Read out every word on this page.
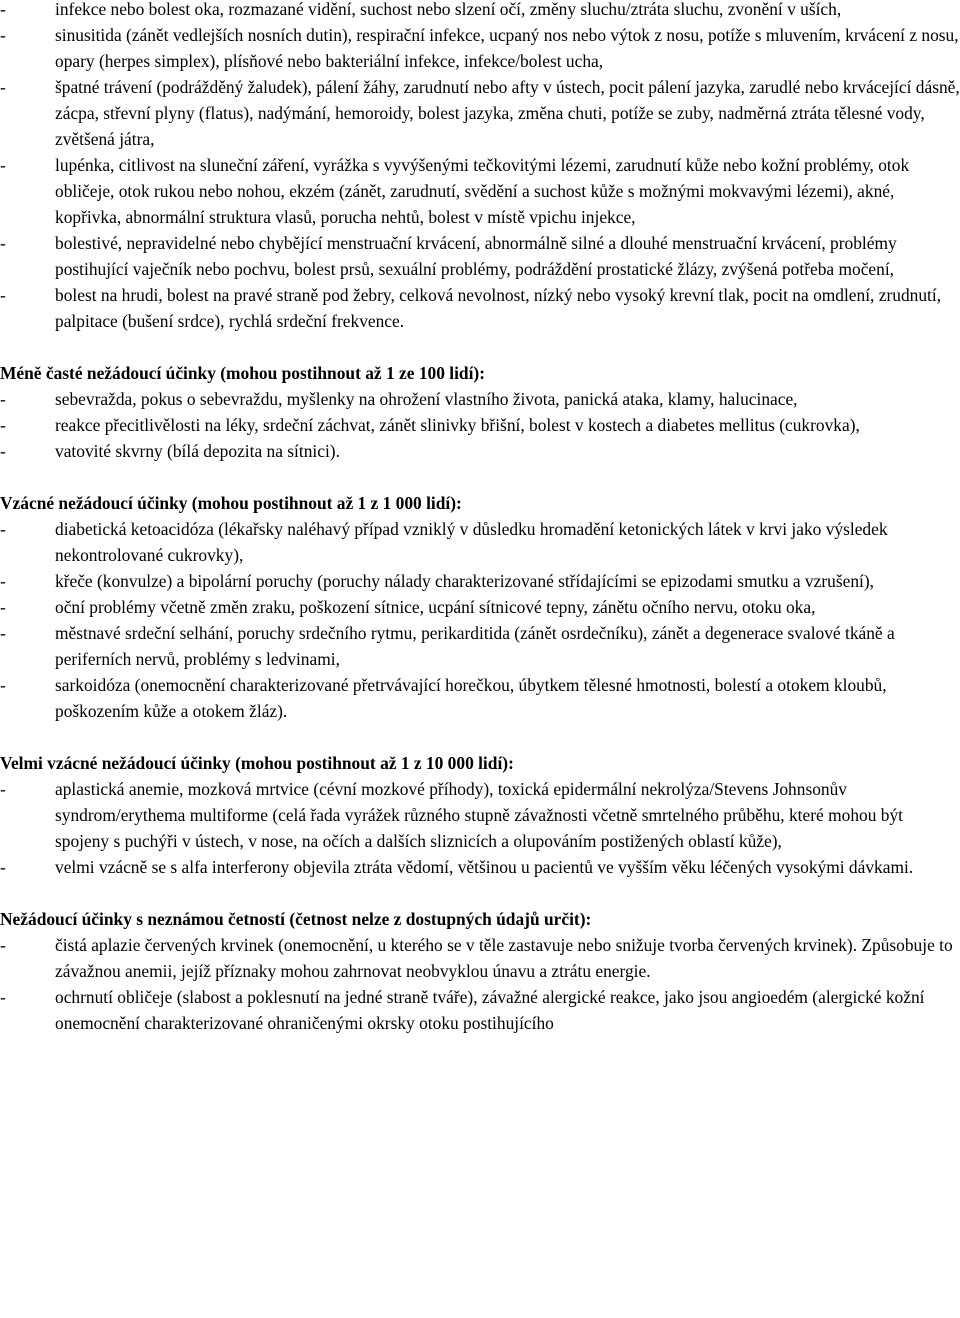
-	infekce nebo bolest oka, rozmazané vidění, suchost nebo slzení očí, změny sluchu/ztráta sluchu, zvonění v uších,
-	sinusitida (zánět vedlejších nosních dutin), respirační infekce, ucpaný nos nebo výtok z nosu, potíže s mluvením, krvácení z nosu, opary (herpes simplex), plísňové nebo bakteriální infekce, infekce/bolest ucha,
-	špatné trávení (podrážděný žaludek), pálení žáhy, zarudnutí nebo afty v ústech, pocit pálení jazyka, zarudlé nebo krvácející dásně, zácpa, střevní plyny (flatus), nadýmání, hemoroidy, bolest jazyka, změna chuti, potíže se zuby, nadměrná ztráta tělesné vody, zvětšená játra,
-	lupénka, citlivost na sluneční záření, vyrážka s vyvýšenými tečkovitými lézemi, zarudnutí kůže nebo kožní problémy, otok obličeje, otok rukou nebo nohou, ekzém (zánět, zarudnutí, svědění a suchost kůže s možnými mokvavými lézemi), akné, kopřivka, abnormální struktura vlasů, porucha nehtů, bolest v místě vpichu injekce,
-	bolestivé, nepravidelné nebo chybějící menstruační krvácení, abnormálně silné a dlouhé menstruační krvácení, problémy postihující vaječník nebo pochvu, bolest prsů, sexuální problémy, podráždění prostatické žlázy, zvýšená potřeba močení,
-	bolest na hrudi, bolest na pravé straně pod žebry, celková nevolnost, nízký nebo vysoký krevní tlak, pocit na omdlení, zrudnutí, palpitace (bušení srdce), rychlá srdeční frekvence.

Méně časté nežádoucí účinky (mohou postihnout až 1 ze 100 lidí):

-	sebevražda, pokus o sebevraždu, myšlenky na ohrožení vlastního života, panická ataka, klamy, halucinace,
-	reakce přecitlivělosti na léky, srdeční záchvat, zánět slinivky břišní, bolest v kostech a diabetes mellitus (cukrovka),
-	vatovité skvrny (bílá depozita na sítnici).

Vzácné nežádoucí účinky (mohou postihnout až 1 z 1 000 lidí):

-	diabetická ketoacidóza (lékařsky naléhavý případ vzniklý v důsledku hromadění ketonických látek v krvi jako výsledek nekontrolované cukrovky),
-	křeče (konvulze) a bipolární poruchy (poruchy nálady charakterizované střídajícími se epizodami smutku a vzrušení),
-	oční problémy včetně změn zraku, poškození sítnice, ucpání sítnicové tepny, zánětu očního nervu, otoku oka,
-	městnavé srdeční selhání, poruchy srdečního rytmu, perikarditida (zánět osrdečníku), zánět a degenerace svalové tkáně a periferních nervů, problémy s ledvinami,
-	sarkoidóza (onemocnění charakterizované přetrvávající horečkou, úbytkem tělesné hmotnosti, bolestí a otokem kloubů, poškozením kůže a otokem žláz).

Velmi vzácné nežádoucí účinky (mohou postihnout až 1 z 10 000 lidí):

-	aplastická anemie, mozková mrtvice (cévní mozkové příhody), toxická epidermální nekrolýza/Stevens Johnsonův syndrom/erythema multiforme (celá řada vyrážek různého stupně závažnosti včetně smrtelného průběhu, které mohou být spojeny s puchýři v ústech, v nose, na očích a dalších sliznicích a olupováním postižených oblastí kůže),
-	velmi vzácně se s alfa interferony objevila ztráta vědomí, většinou u pacientů ve vyšším věku léčených vysokými dávkami.

Nežádoucí účinky s neznámou četností (četnost nelze z dostupných údajů určit):

-	čistá aplazie červených krvinek (onemocnění, u kterého se v těle zastavuje nebo snižuje tvorba červených krvinek). Způsobuje to závažnou anemii, jejíž příznaky mohou zahrnovat neobvyklou únavu a ztrátu energie.
-	ochrnutí obličeje (slabost a poklesnutí na jedné straně tváře), závažné alergické reakce, jako jsou angioedém (alergické kožní onemocnění charakterizované ohraničenými okrsky otoku postihujícího
